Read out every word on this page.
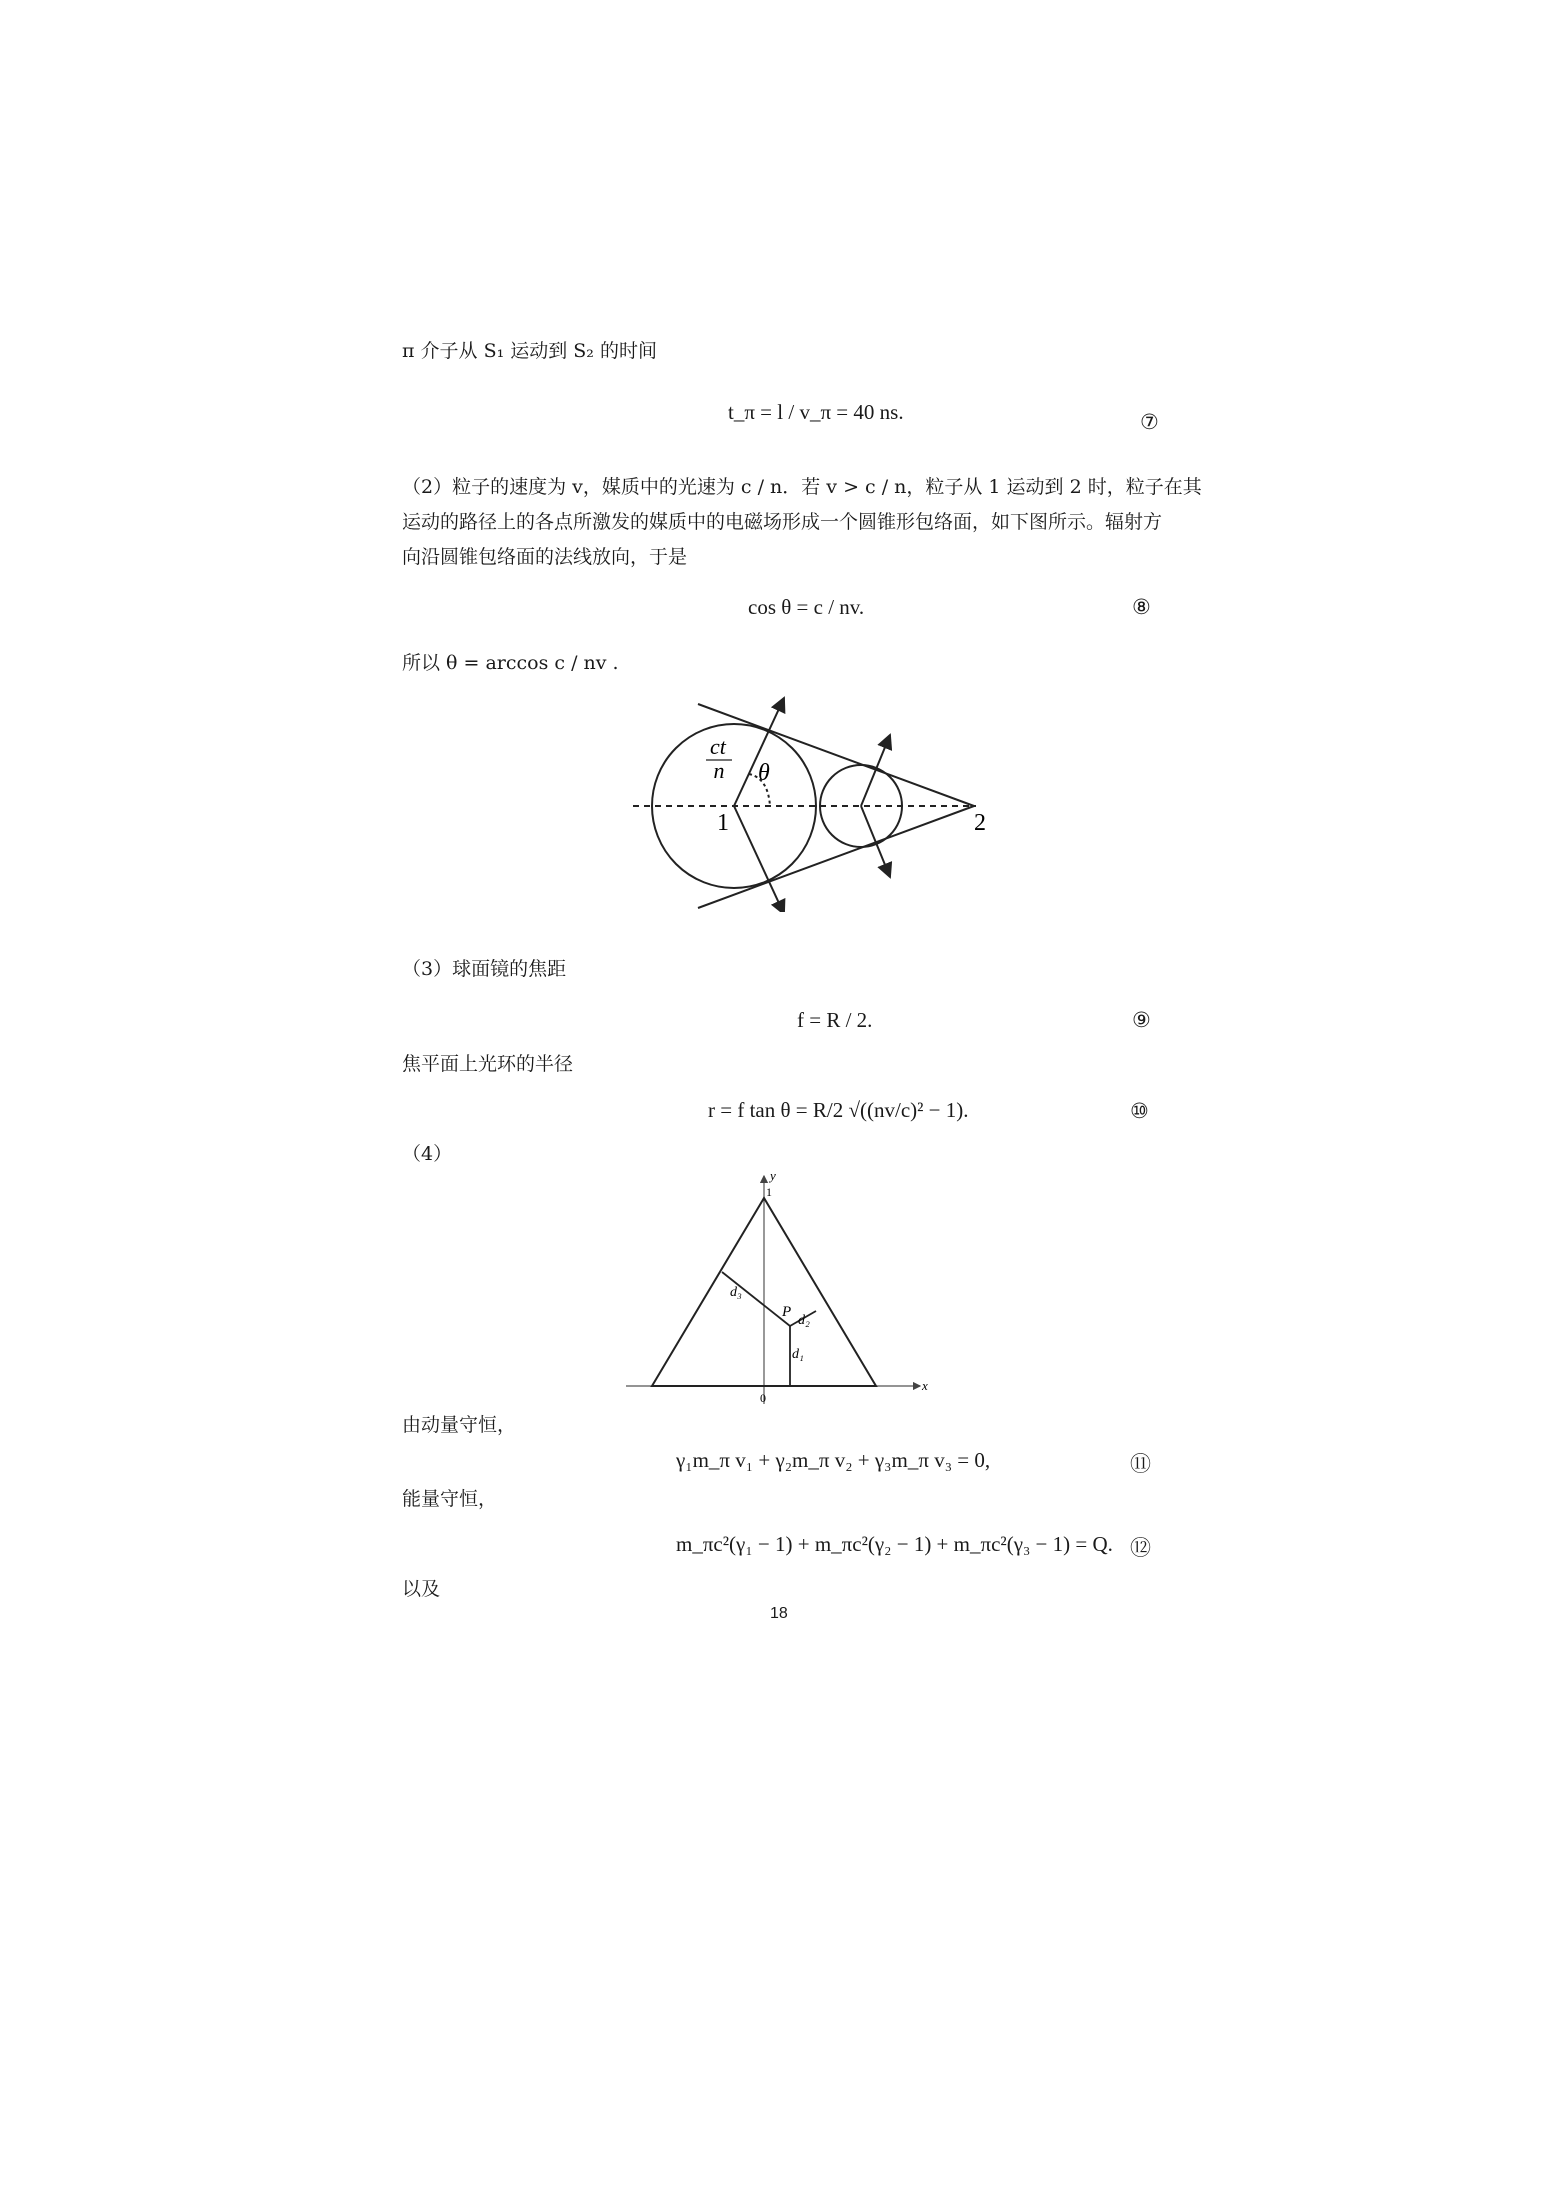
π 介子从 S₁ 运动到 S₂ 的时间
t_π = l / v_π = 40 ns.	⑦
（2）粒子的速度为 v，媒质中的光速为 c / n．若 v > c / n，粒子从 1 运动到 2 时，粒子在其
运动的路径上的各点所激发的媒质中的电磁场形成一个圆锥形包络面，如下图所示。辐射方
向沿圆锥包络面的法线放向，于是
cos θ = c / nv.	⑧
所以 θ = arccos c / nv .
ct
n θ
1	2
（3）球面镜的焦距
f = R / 2.	⑨
焦平面上光环的半径
r = f tan θ = R/2 √((nv/c)² − 1).	⑩
（4）
y
x
0
1
d₃
P
d₂
d₁
由动量守恒，
γ₁m_π v₁ + γ₂m_π v₂ + γ₃m_π v₃ = 0,	⑪
能量守恒，
m_πc²(γ₁ − 1) + m_πc²(γ₂ − 1) + m_πc²(γ₃ − 1) = Q. ⑫
以及
18
